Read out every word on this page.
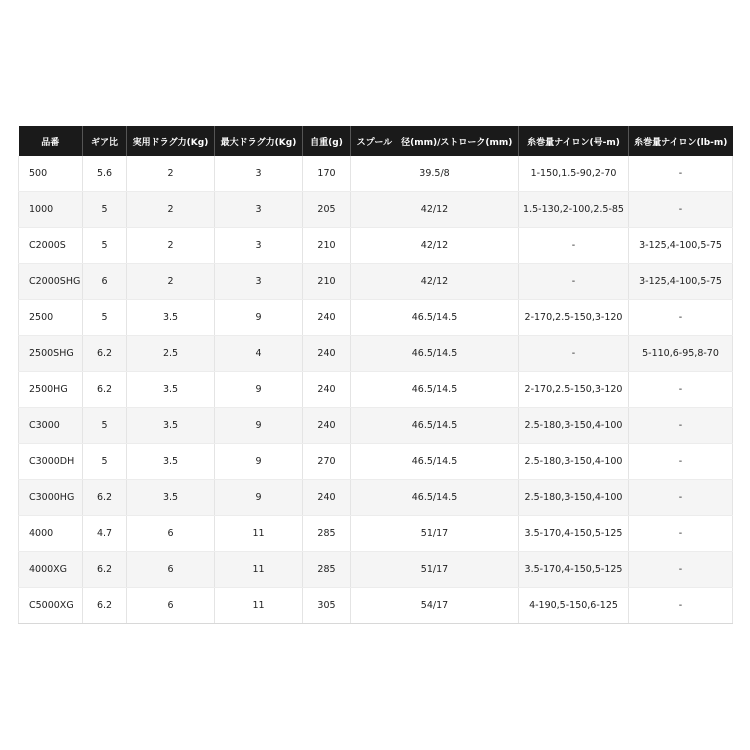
品番	ギア比	実用ドラグ力(Kg)	最大ドラグ力(Kg)	自重(g)	スプール　径(mm)/ストローク(mm)	糸巻量ナイロン(号-m)	糸巻量ナイロン(lb-m)
500	5.6	2	3	170	39.5/8	1-150,1.5-90,2-70	-
1000	5	2	3	205	42/12	1.5-130,2-100,2.5-85	-
C2000S	5	2	3	210	42/12	-	3-125,4-100,5-75
C2000SHG	6	2	3	210	42/12	-	3-125,4-100,5-75
2500	5	3.5	9	240	46.5/14.5	2-170,2.5-150,3-120	-
2500SHG	6.2	2.5	4	240	46.5/14.5	-	5-110,6-95,8-70
2500HG	6.2	3.5	9	240	46.5/14.5	2-170,2.5-150,3-120	-
C3000	5	3.5	9	240	46.5/14.5	2.5-180,3-150,4-100	-
C3000DH	5	3.5	9	270	46.5/14.5	2.5-180,3-150,4-100	-
C3000HG	6.2	3.5	9	240	46.5/14.5	2.5-180,3-150,4-100	-
4000	4.7	6	11	285	51/17	3.5-170,4-150,5-125	-
4000XG	6.2	6	11	285	51/17	3.5-170,4-150,5-125	-
C5000XG	6.2	6	11	305	54/17	4-190,5-150,6-125	-
